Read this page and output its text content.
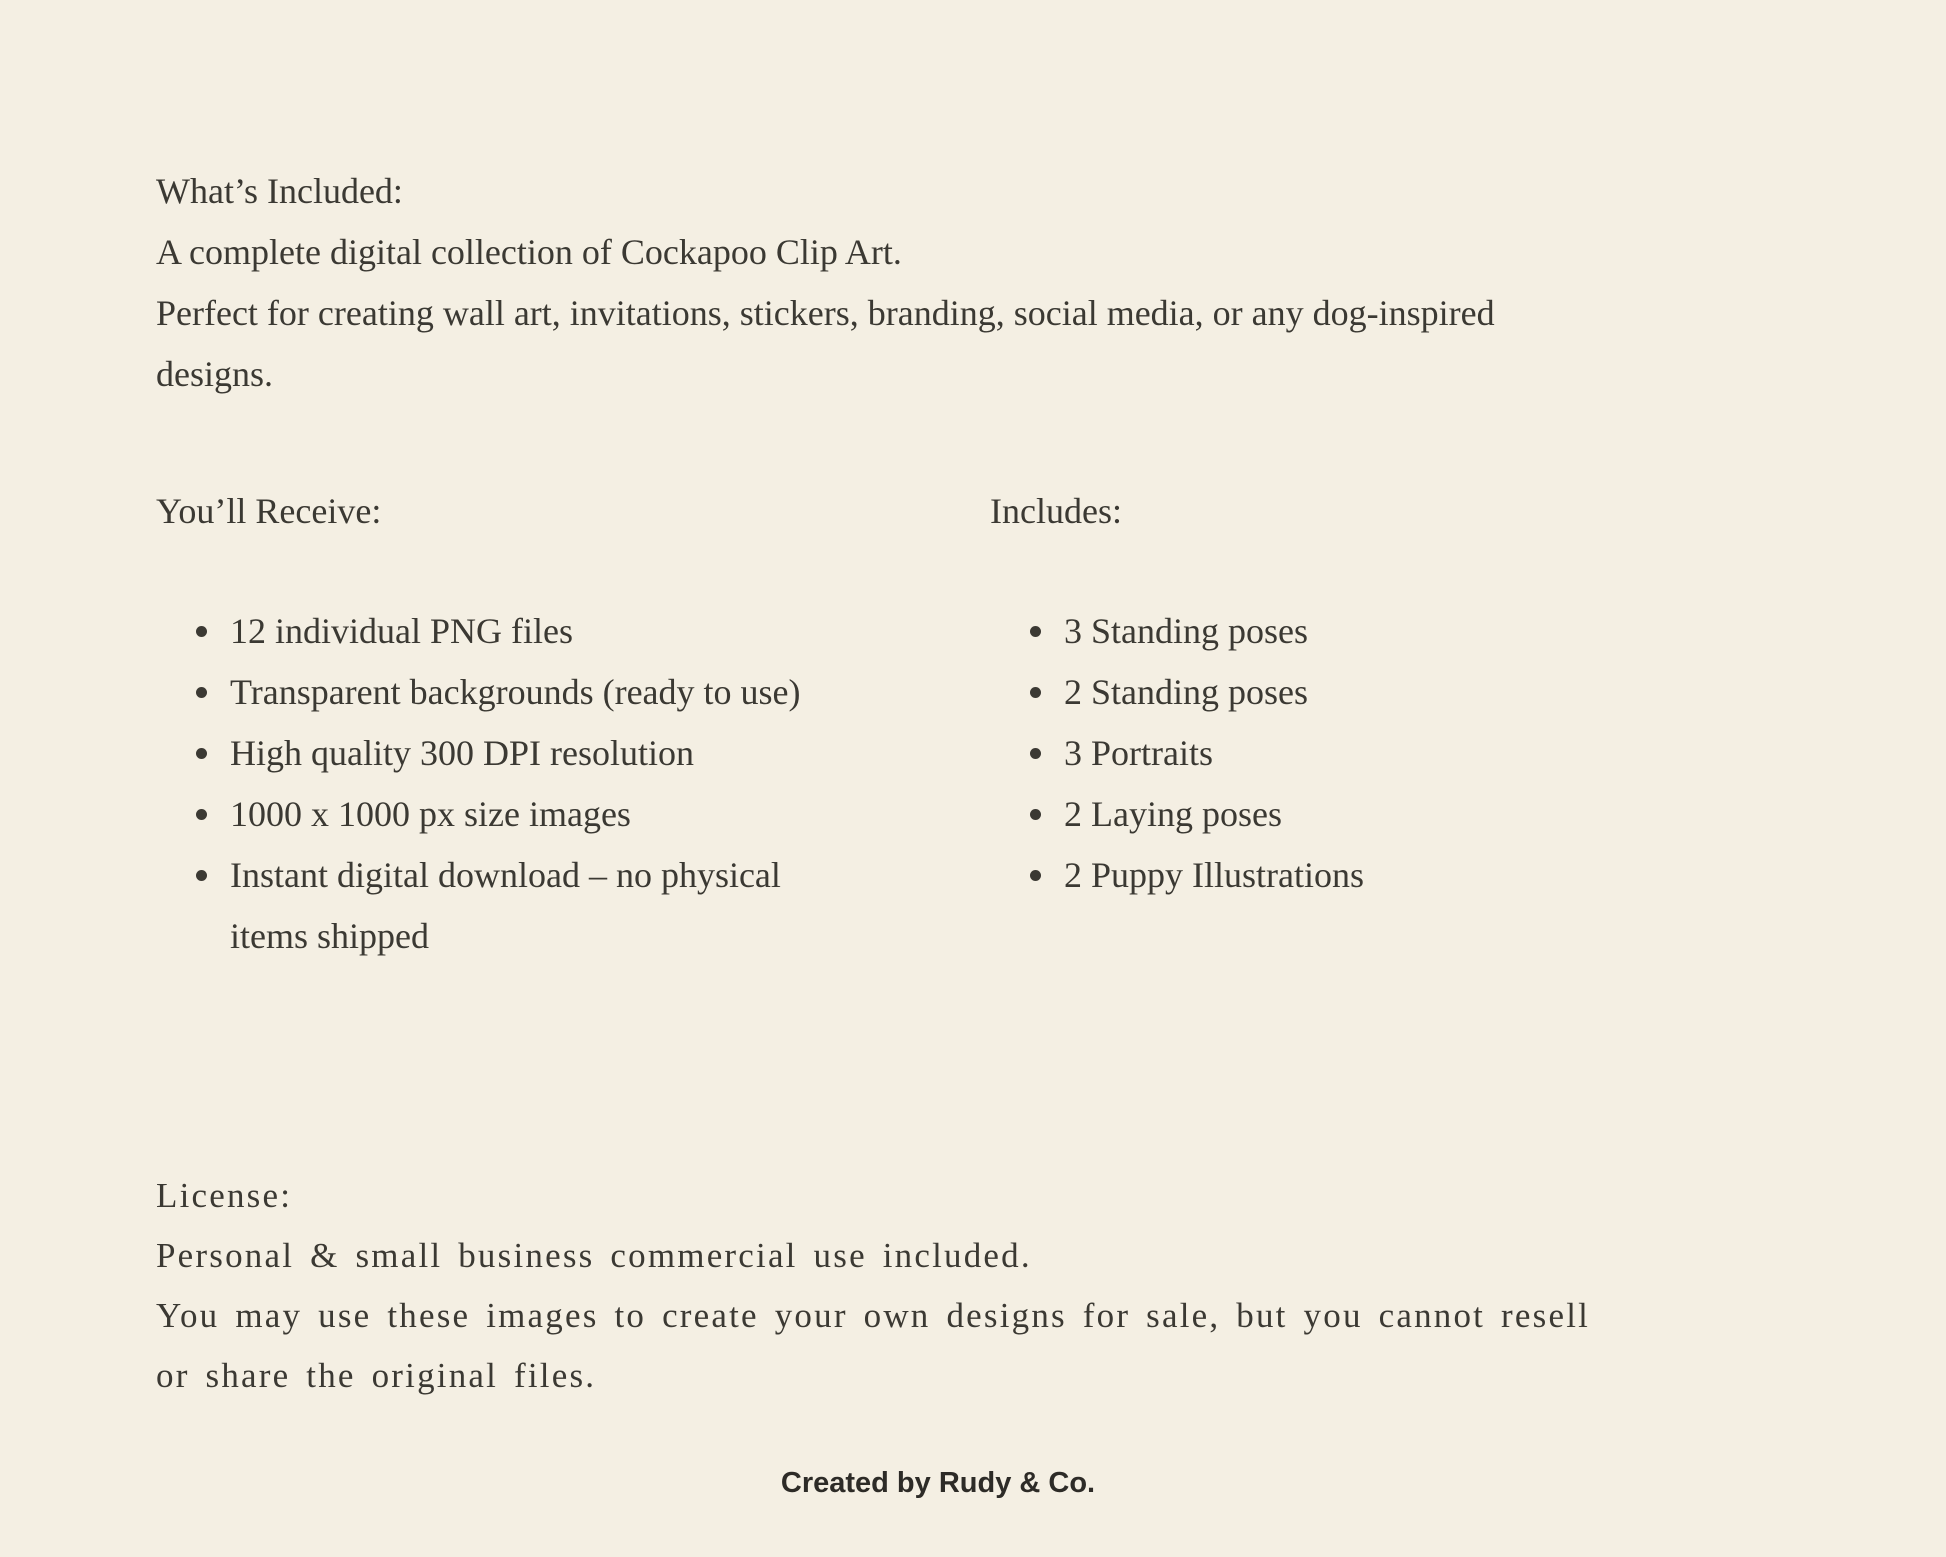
What’s Included:
A complete digital collection of Cockapoo Clip Art.
Perfect for creating wall art, invitations, stickers, branding, social media, or any dog-inspired
designs.
You’ll Receive:
12 individual PNG files
Transparent backgrounds (ready to use)
High quality 300 DPI resolution
1000 x 1000 px size images
Instant digital download – no physical
items shipped
Includes:
3 Standing poses
2 Standing poses
3 Portraits
2 Laying poses
2 Puppy Illustrations
License:
Personal & small business commercial use included.
You may use these images to create your own designs for sale, but you cannot resell
or share the original files.
Created by Rudy & Co.
